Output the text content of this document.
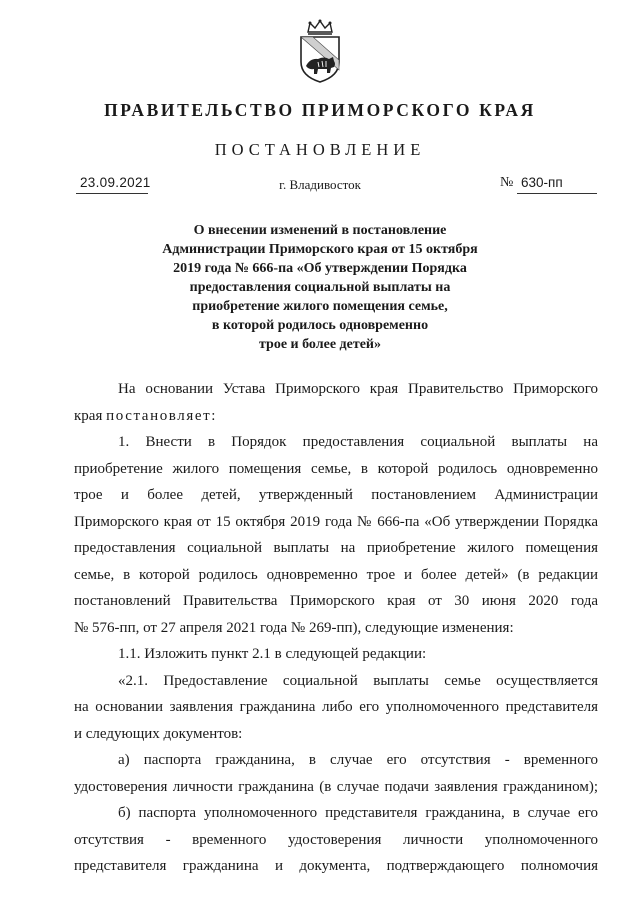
ПРАВИТЕЛЬСТВО ПРИМОРСКОГО КРАЯ
ПОСТАНОВЛЕНИЕ
23.09.2021	г. Владивосток	№ 630-пп
О внесении изменений в постановление
Администрации Приморского края от 15 октября
2019 года № 666-па «Об утверждении Порядка
предоставления социальной выплаты на
приобретение жилого помещения семье,
в которой родилось одновременно
трое и более детей»
На основании Устава Приморского края Правительство Приморского
края постановляет:
1. Внести в Порядок предоставления социальной выплаты на
приобретение жилого помещения семье, в которой родилось одновременно
трое и более детей, утвержденный постановлением Администрации
Приморского края от 15 октября 2019 года № 666-па «Об утверждении Порядка
предоставления социальной выплаты на приобретение жилого помещения
семье, в которой родилось одновременно трое и более детей» (в редакции
постановлений Правительства Приморского края от 30 июня 2020 года
№ 576-пп, от 27 апреля 2021 года № 269-пп), следующие изменения:
1.1. Изложить пункт 2.1 в следующей редакции:
«2.1. Предоставление социальной выплаты семье осуществляется
на основании заявления гражданина либо его уполномоченного представителя
и следующих документов:
а) паспорта гражданина, в случае его отсутствия - временного
удостоверения личности гражданина (в случае подачи заявления гражданином);
б) паспорта уполномоченного представителя гражданина, в случае его
отсутствия - временного удостоверения личности уполномоченного
представителя гражданина и документа, подтверждающего полномочия
